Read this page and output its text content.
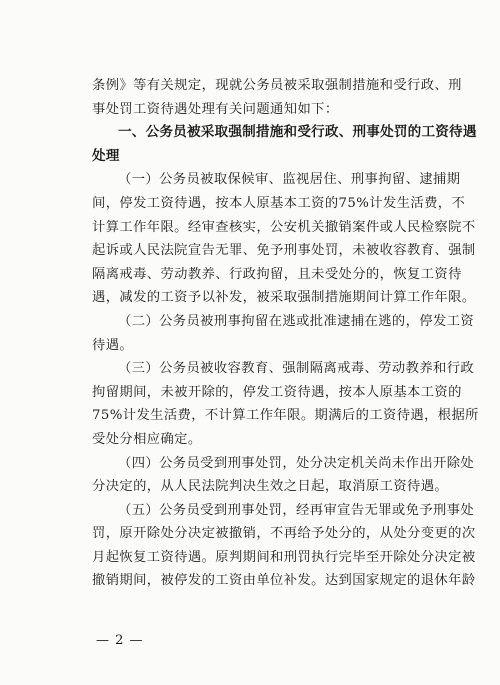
条例》等有关规定，现就公务员被采取强制措施和受行政、刑
事处罚工资待遇处理有关问题通知如下：
一、公务员被采取强制措施和受行政、刑事处罚的工资待遇
处理
（一）公务员被取保候审、监视居住、刑事拘留、逮捕期
间，停发工资待遇，按本人原基本工资的75%计发生活费，不
计算工作年限。经审查核实，公安机关撤销案件或人民检察院不
起诉或人民法院宣告无罪、免予刑事处罚，未被收容教育、强制
隔离戒毒、劳动教养、行政拘留，且未受处分的，恢复工资待
遇，减发的工资予以补发，被采取强制措施期间计算工作年限。
（二）公务员被刑事拘留在逃或批准逮捕在逃的，停发工资
待遇。
（三）公务员被收容教育、强制隔离戒毒、劳动教养和行政
拘留期间，未被开除的，停发工资待遇，按本人原基本工资的
75%计发生活费，不计算工作年限。期满后的工资待遇，根据所
受处分相应确定。
（四）公务员受到刑事处罚，处分决定机关尚未作出开除处
分决定的，从人民法院判决生效之日起，取消原工资待遇。
（五）公务员受到刑事处罚，经再审宣告无罪或免予刑事处
罚，原开除处分决定被撤销，不再给予处分的，从处分变更的次
月起恢复工资待遇。原判期间和刑罚执行完毕至开除处分决定被
撤销期间，被停发的工资由单位补发。达到国家规定的退休年龄
— 2 —
